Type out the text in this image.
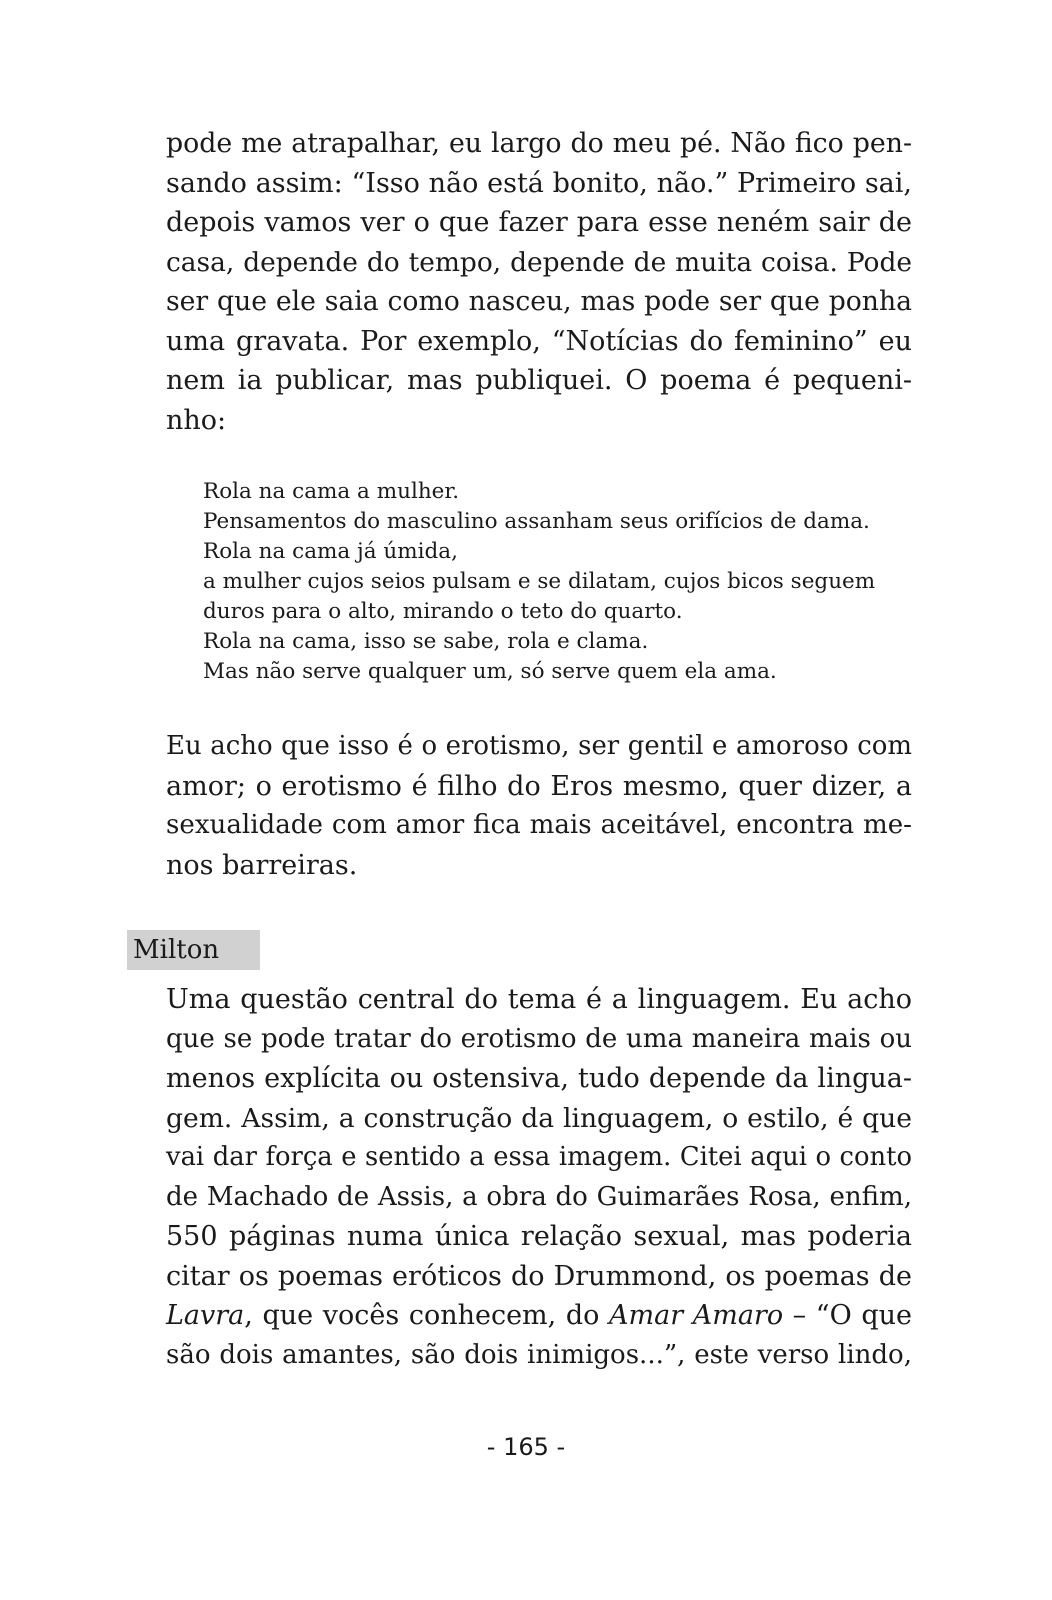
pode me atrapalhar, eu largo do meu pé. Não fico pen-
sando assim: “Isso não está bonito, não.” Primeiro sai,
depois vamos ver o que fazer para esse neném sair de
casa, depende do tempo, depende de muita coisa. Pode
ser que ele saia como nasceu, mas pode ser que ponha
uma gravata. Por exemplo, “Notícias do feminino” eu
nem ia publicar, mas publiquei. O poema é pequeni-
nho:
Rola na cama a mulher.
Pensamentos do masculino assanham seus orifícios de dama.
Rola na cama já úmida,
a mulher cujos seios pulsam e se dilatam, cujos bicos seguem
duros para o alto, mirando o teto do quarto.
Rola na cama, isso se sabe, rola e clama.
Mas não serve qualquer um, só serve quem ela ama.
Eu acho que isso é o erotismo, ser gentil e amoroso com
amor; o erotismo é filho do Eros mesmo, quer dizer, a
sexualidade com amor fica mais aceitável, encontra me-
nos barreiras.
Milton
Uma questão central do tema é a linguagem. Eu acho
que se pode tratar do erotismo de uma maneira mais ou
menos explícita ou ostensiva, tudo depende da lingua-
gem. Assim, a construção da linguagem, o estilo, é que
vai dar força e sentido a essa imagem. Citei aqui o conto
de Machado de Assis, a obra do Guimarães Rosa, enfim,
550 páginas numa única relação sexual, mas poderia
citar os poemas eróticos do Drummond, os poemas de
Lavra, que vocês conhecem, do Amar Amaro – “O que
são dois amantes, são dois inimigos...”, este verso lindo,
- 165 -
